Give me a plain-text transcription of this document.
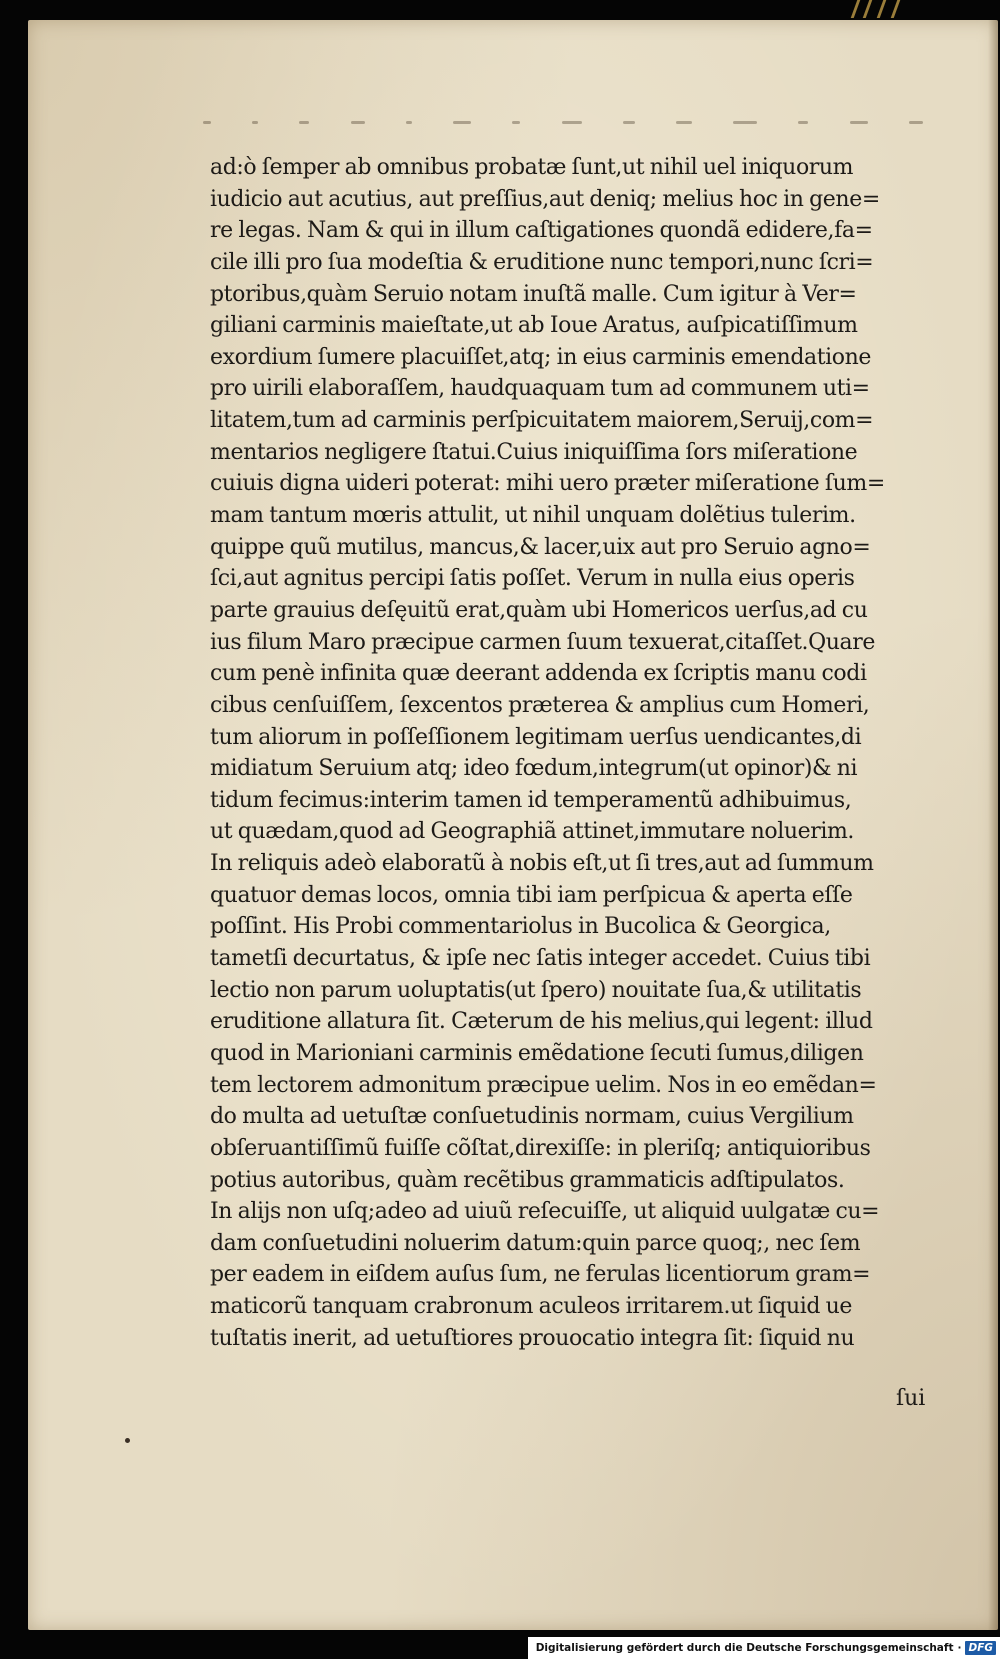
ad:ò ſemper ab omnibus probatæ ſunt,ut nihil uel iniquorum
iudicio aut acutius, aut preſſius,aut deniq; melius hoc in gene=
re legas. Nam & qui in illum caſtigationes quondã edidere,fa=
cile illi pro ſua modeſtia & eruditione nunc tempori,nunc ſcri=
ptoribus,quàm Seruio notam inuſtã malle. Cum igitur à Ver=
giliani carminis maieſtate,ut ab Ioue Aratus, auſpicatiſſimum
exordium ſumere placuiſſet,atq; in eius carminis emendatione
pro uirili elaboraſſem, haudquaquam tum ad communem uti=
litatem,tum ad carminis perſpicuitatem maiorem,Seruij,com=
mentarios negligere ſtatui.Cuius iniquiſſima ſors miſeratione
cuiuis digna uideri poterat: mihi uero præter miſeratione ſum=
mam tantum mœris attulit, ut nihil unquam dolẽtius tulerim.
quippe quũ mutilus, mancus,& lacer,uix aut pro Seruio agno=
ſci,aut agnitus percipi ſatis poſſet. Verum in nulla eius operis
parte grauius deſęuitũ erat,quàm ubi Homericos uerſus,ad cu
ius filum Maro præcipue carmen ſuum texuerat,citaſſet.Quare
cum penè infinita quæ deerant addenda ex ſcriptis manu codi
cibus cenſuiſſem, ſexcentos præterea & amplius cum Homeri,
tum aliorum in poſſeſſionem legitimam uerſus uendicantes,di
midiatum Seruium atq; ideo fœdum,integrum(ut opinor)& ni
tidum fecimus:interim tamen id temperamentũ adhibuimus,
ut quædam,quod ad Geographiã attinet,immutare noluerim.
In reliquis adeò elaboratũ à nobis eſt,ut ſi tres,aut ad ſummum
quatuor demas locos, omnia tibi iam perſpicua & aperta eſſe
poſſint. His Probi commentariolus in Bucolica & Georgica,
tametſi decurtatus, & ipſe nec ſatis integer accedet. Cuius tibi
lectio non parum uoluptatis(ut ſpero) nouitate ſua,& utilitatis
eruditione allatura ſit. Cæterum de his melius,qui legent: illud
quod in Marioniani carminis emẽdatione ſecuti ſumus,diligen
tem lectorem admonitum præcipue uelim. Nos in eo emẽdan=
do multa ad uetuſtæ conſuetudinis normam, cuius Vergilium
obſeruantiſſimũ fuiſſe cõſtat,direxiſſe: in pleriſq; antiquioribus
potius autoribus, quàm recẽtibus grammaticis adſtipulatos.
In alijs non uſq;adeo ad uiuũ reſecuiſſe, ut aliquid uulgatæ cu=
dam conſuetudini noluerim datum:quin parce quoq;, nec ſem
per eadem in eiſdem auſus ſum, ne ferulas licentiorum gram=
maticorũ tanquam crabronum aculeos irritarem.ut ſiquid ue
tuſtatis inerit, ad uetuſtiores prouocatio integra ſit: ſiquid nu
ſui
Digitalisierung gefördert durch die Deutsche Forschungsgemeinschaft · DFG
